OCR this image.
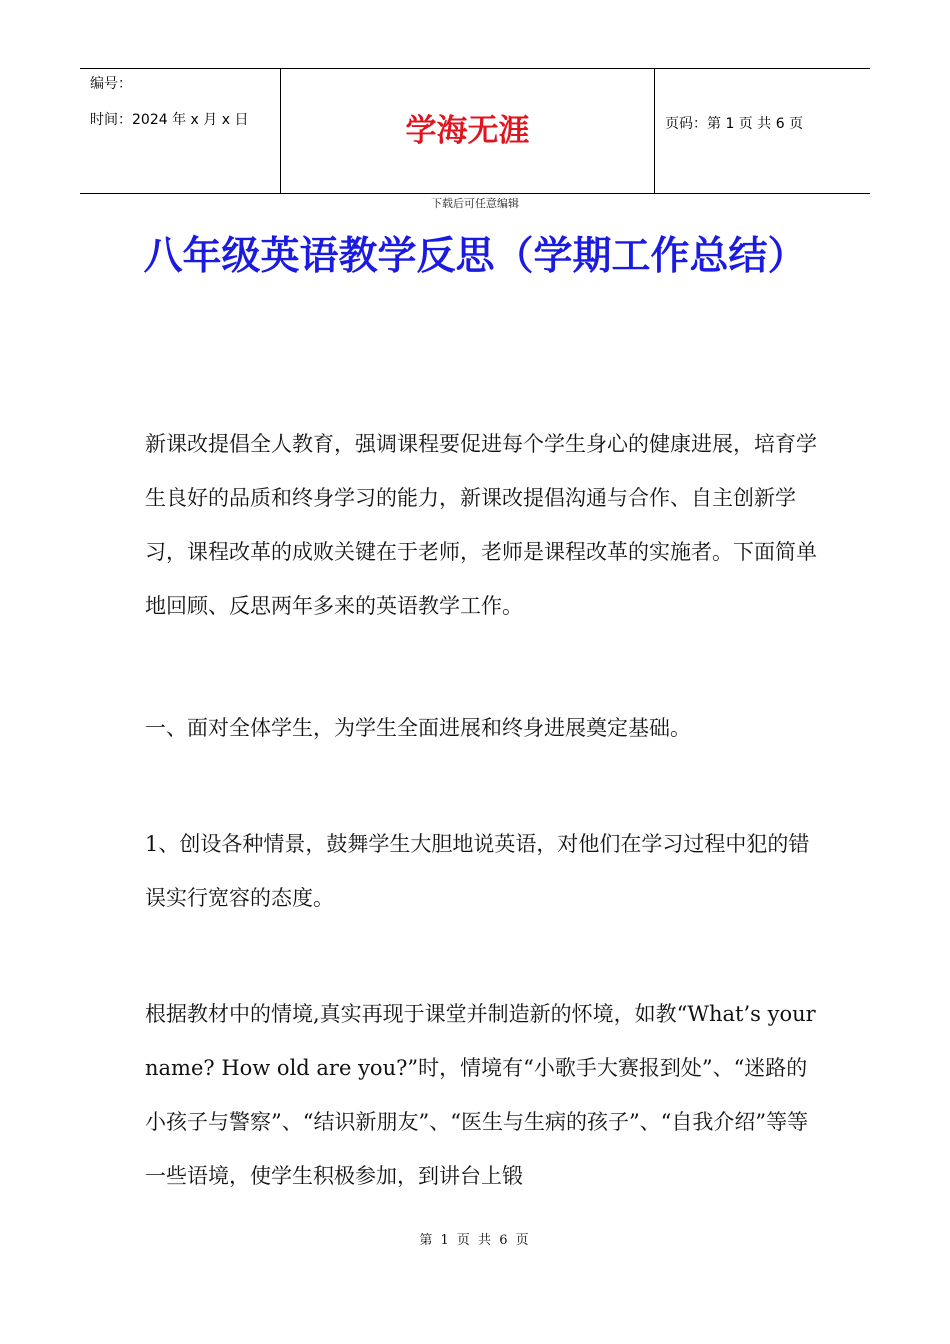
编号：
时间：2024 年 x 月 x 日	学海无涯	页码：第 1 页 共 6 页
下载后可任意编辑
八年级英语教学反思（学期工作总结）
新课改提倡全人教育，强调课程要促进每个学生身心的健康进展，培育学生良好的品质和终身学习的能力，新课改提倡沟通与合作、自主创新学习，课程改革的成败关键在于老师，老师是课程改革的实施者。下面简单地回顾、反思两年多来的英语教学工作。
一、面对全体学生，为学生全面进展和终身进展奠定基础。
1、创设各种情景，鼓舞学生大胆地说英语，对他们在学习过程中犯的错误实行宽容的态度。
根据教材中的情境,真实再现于课堂并制造新的怀境，如教“What’s your name? How old are you?”时，情境有“小歌手大赛报到处”、“迷路的小孩子与警察”、“结识新朋友”、“医生与生病的孩子”、“自我介绍”等等一些语境，使学生积极参加，到讲台上锻
第 1 页 共 6 页
